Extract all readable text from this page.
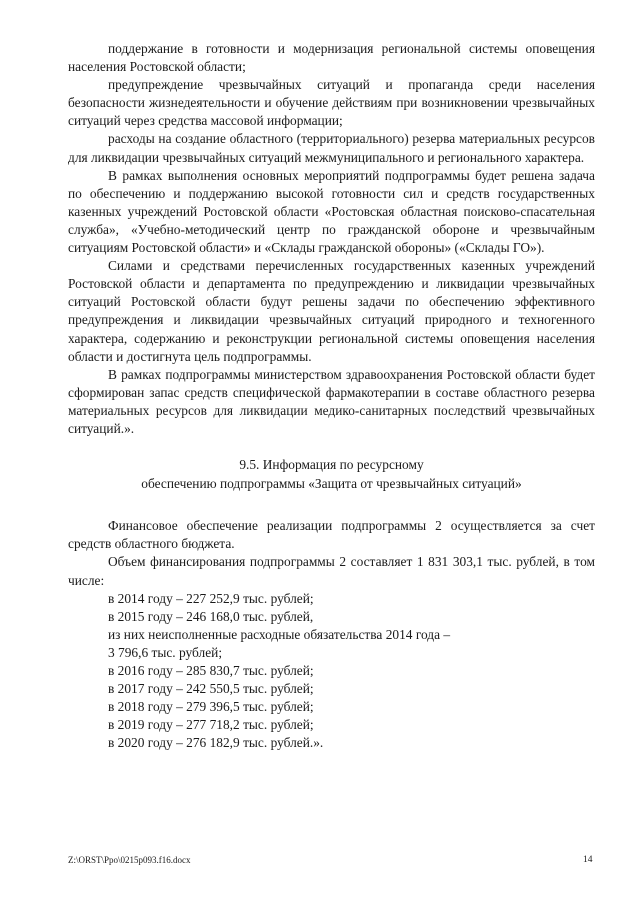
поддержание в готовности и модернизация региональной системы оповещения населения Ростовской области;

предупреждение чрезвычайных ситуаций и пропаганда среди населения безопасности жизнедеятельности и обучение действиям при возникновении чрезвычайных ситуаций через средства массовой информации;

расходы на создание областного (территориального) резерва материальных ресурсов для ликвидации чрезвычайных ситуаций межмуниципального и регионального характера.

В рамках выполнения основных мероприятий подпрограммы будет решена задача по обеспечению и поддержанию высокой готовности сил и средств государственных казенных учреждений Ростовской области «Ростовская областная поисково-спасательная служба», «Учебно-методический центр по гражданской обороне и чрезвычайным ситуациям Ростовской области» и «Склады гражданской обороны» («Склады ГО»).

Силами и средствами перечисленных государственных казенных учреждений Ростовской области и департамента по предупреждению и ликвидации чрезвычайных ситуаций Ростовской области будут решены задачи по обеспечению эффективного предупреждения и ликвидации чрезвычайных ситуаций природного и техногенного характера, содержанию и реконструкции региональной системы оповещения населения области и достигнута цель подпрограммы.

В рамках подпрограммы министерством здравоохранения Ростовской области будет сформирован запас средств специфической фармакотерапии в составе областного резерва материальных ресурсов для ликвидации медико-санитарных последствий чрезвычайных ситуаций.».

9.5. Информация по ресурсному
обеспечению подпрограммы «Защита от чрезвычайных ситуаций»

Финансовое обеспечение реализации подпрограммы 2 осуществляется за счет средств областного бюджета.

Объем финансирования подпрограммы 2 составляет 1 831 303,1 тыс. рублей, в том числе:

в 2014 году – 227 252,9 тыс. рублей;

в 2015 году – 246 168,0 тыс. рублей,

из них неисполненные расходные обязательства 2014 года –

3 796,6 тыс. рублей;

в 2016 году – 285 830,7 тыс. рублей;

в 2017 году – 242 550,5 тыс. рублей;

в 2018 году – 279 396,5 тыс. рублей;

в 2019 году – 277 718,2 тыс. рублей;

в 2020 году – 276 182,9 тыс. рублей.».

Z:\ORST\Ppo\0215p093.f16.docx	14
